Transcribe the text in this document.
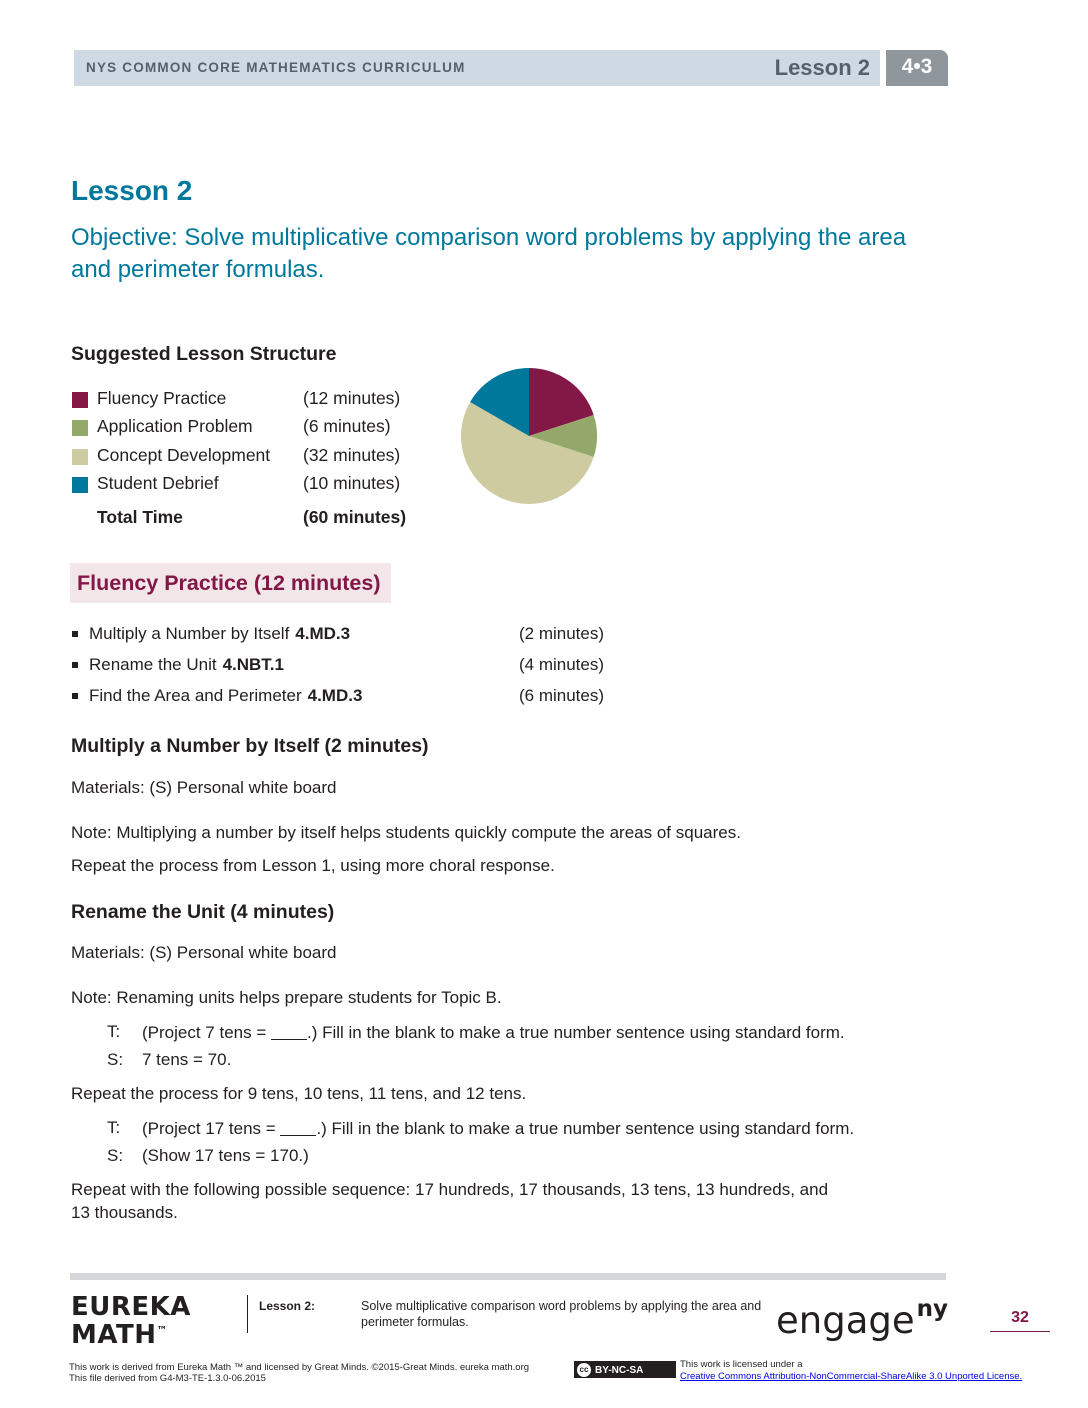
NYS COMMON CORE MATHEMATICS CURRICULUM	Lesson 2	4•3
Lesson 2
Objective: Solve multiplicative comparison word problems by applying the area and perimeter formulas.
Suggested Lesson Structure
Fluency Practice	(12 minutes)
Application Problem	(6 minutes)
Concept Development (32 minutes)
Student Debrief	(10 minutes)
Total Time	(60 minutes)
Fluency Practice (12 minutes)
Multiply a Number by Itself 4.MD.3	(2 minutes)
Rename the Unit 4.NBT.1	(4 minutes)
Find the Area and Perimeter 4.MD.3	(6 minutes)
Multiply a Number by Itself (2 minutes)
Materials: (S) Personal white board
Note: Multiplying a number by itself helps students quickly compute the areas of squares.
Repeat the process from Lesson 1, using more choral response.
Rename the Unit (4 minutes)
Materials: (S) Personal white board
Note: Renaming units helps prepare students for Topic B.
T: (Project 7 tens = .) Fill in the blank to make a true number sentence using standard form.
S: 7 tens = 70.
Repeat the process for 9 tens, 10 tens, 11 tens, and 12 tens.
T: (Project 17 tens = .) Fill in the blank to make a true number sentence using standard form.
S: (Show 17 tens = 170.)
Repeat with the following possible sequence: 17 hundreds, 17 thousands, 13 tens, 13 hundreds, and
13 thousands.
EUREKA
MATH™
Lesson 2:	Solve multiplicative comparison word problems by applying the area and perimeter formulas.	engage$^{ny}$	32
This work is derived from Eureka Math ™ and licensed by Great Minds. ©2015-Great Minds. eureka math.org
This file derived from G4-M3-TE-1.3.0-06.2015
cc BY-NC-SA
This work is licensed under a
Creative Commons Attribution-NonCommercial-ShareAlike 3.0 Unported License.
